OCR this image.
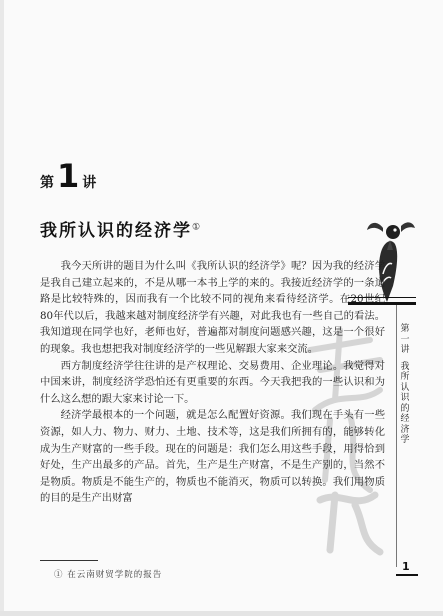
第1 讲
我所认识的经济学①
第
一
讲
我
所
认
识
的
经
济
学

我今天所讲的题目为什么叫《我所认识的经济学》呢？因为我的经济学是我自己建立起来的，不是从哪一本书上学的来的。我接近经济学的一条道路是比较特殊的，因而我有一个比较不同的视角来看待经济学。在20世纪80年代以后，我越来越对制度经济学有兴趣，对此我也有一些自己的看法。我知道现在同学也好，老师也好，普遍都对制度问题感兴趣，这是一个很好的现象。我也想把我对制度经济学的一些见解跟大家来交流。

西方制度经济学往往讲的是产权理论、交易费用、企业理论。我觉得对中国来讲，制度经济学恐怕还有更重要的东西。今天我把我的一些认识和为什么这么想的跟大家来讨论一下。

经济学最根本的一个问题，就是怎么配置好资源。我们现在手头有一些资源，如人力、物力、财力、土地、技术等，这是我们所拥有的，能够转化成为生产财富的一些手段。现在的问题是：我们怎么用这些手段，用得恰到好处，生产出最多的产品。首先，生产是生产财富，不是生产别的，当然不是物质。物质是不能生产的，物质也不能消灭，物质可以转换。我们用物质的目的是生产出财富

① 在云南财贸学院的报告
1
